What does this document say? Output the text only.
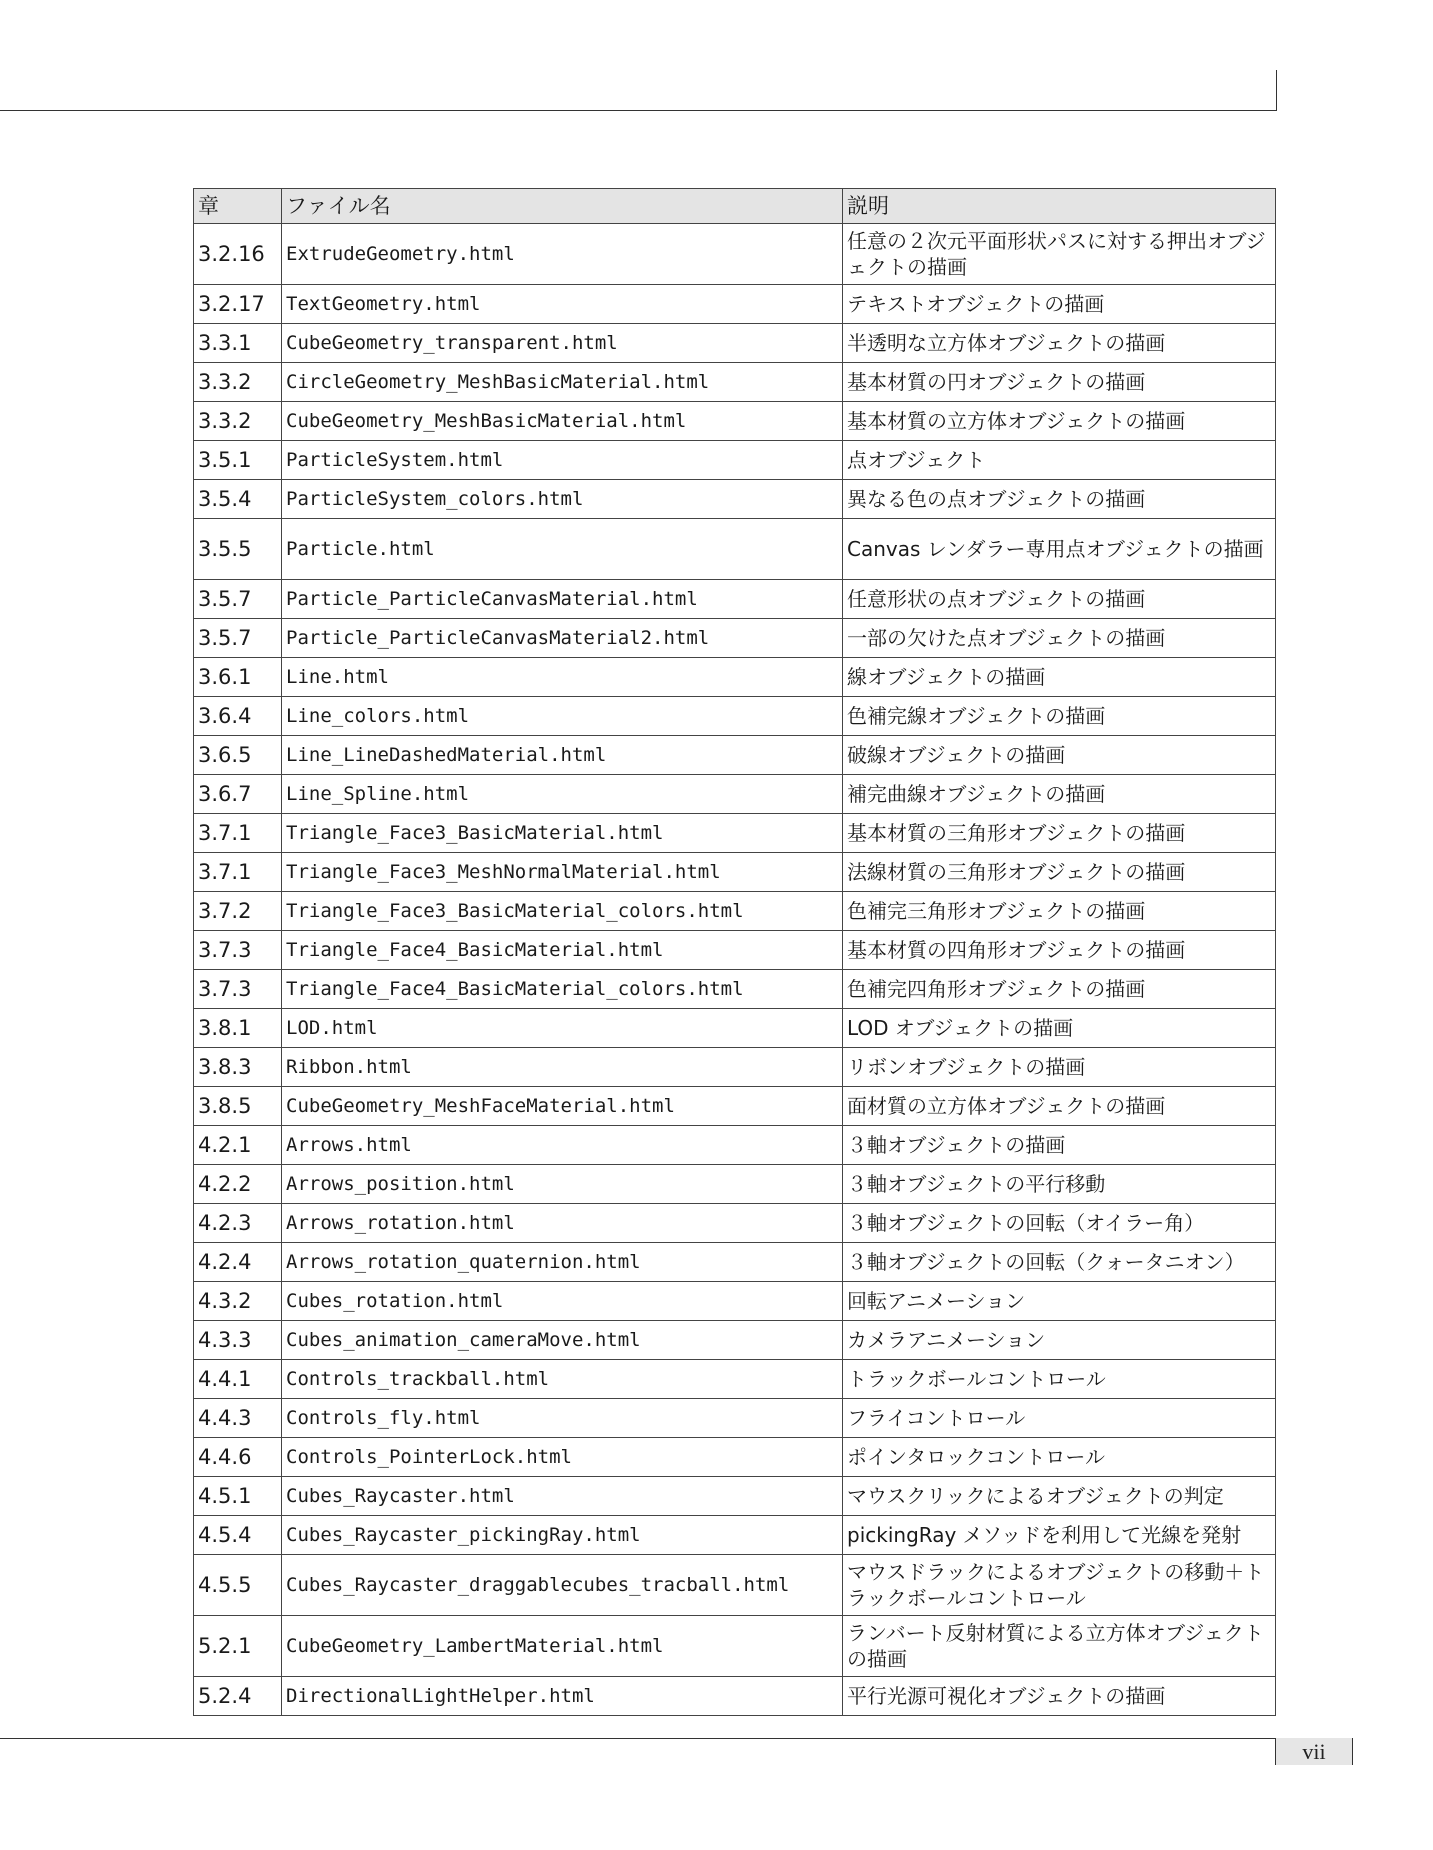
章	ファイル名	説明
3.2.16	ExtrudeGeometry.html	任意の２次元平面形状パスに対する押出オブジェクトの描画
3.2.17	TextGeometry.html	テキストオブジェクトの描画
3.3.1	CubeGeometry_transparent.html	半透明な立方体オブジェクトの描画
3.3.2	CircleGeometry_MeshBasicMaterial.html	基本材質の円オブジェクトの描画
3.3.2	CubeGeometry_MeshBasicMaterial.html	基本材質の立方体オブジェクトの描画
3.5.1	ParticleSystem.html	点オブジェクト
3.5.4	ParticleSystem_colors.html	異なる色の点オブジェクトの描画
3.5.5	Particle.html	Canvas レンダラー専用点オブジェクトの描画
3.5.7	Particle_ParticleCanvasMaterial.html	任意形状の点オブジェクトの描画
3.5.7	Particle_ParticleCanvasMaterial2.html	一部の欠けた点オブジェクトの描画
3.6.1	Line.html	線オブジェクトの描画
3.6.4	Line_colors.html	色補完線オブジェクトの描画
3.6.5	Line_LineDashedMaterial.html	破線オブジェクトの描画
3.6.7	Line_Spline.html	補完曲線オブジェクトの描画
3.7.1	Triangle_Face3_BasicMaterial.html	基本材質の三角形オブジェクトの描画
3.7.1	Triangle_Face3_MeshNormalMaterial.html	法線材質の三角形オブジェクトの描画
3.7.2	Triangle_Face3_BasicMaterial_colors.html	色補完三角形オブジェクトの描画
3.7.3	Triangle_Face4_BasicMaterial.html	基本材質の四角形オブジェクトの描画
3.7.3	Triangle_Face4_BasicMaterial_colors.html	色補完四角形オブジェクトの描画
3.8.1	LOD.html	LOD オブジェクトの描画
3.8.3	Ribbon.html	リボンオブジェクトの描画
3.8.5	CubeGeometry_MeshFaceMaterial.html	面材質の立方体オブジェクトの描画
4.2.1	Arrows.html	３軸オブジェクトの描画
4.2.2	Arrows_position.html	３軸オブジェクトの平行移動
4.2.3	Arrows_rotation.html	３軸オブジェクトの回転（オイラー角）
4.2.4	Arrows_rotation_quaternion.html	３軸オブジェクトの回転（クォータニオン）
4.3.2	Cubes_rotation.html	回転アニメーション
4.3.3	Cubes_animation_cameraMove.html	カメラアニメーション
4.4.1	Controls_trackball.html	トラックボールコントロール
4.4.3	Controls_fly.html	フライコントロール
4.4.6	Controls_PointerLock.html	ポインタロックコントロール
4.5.1	Cubes_Raycaster.html	マウスクリックによるオブジェクトの判定
4.5.4	Cubes_Raycaster_pickingRay.html	pickingRay メソッドを利用して光線を発射
4.5.5	Cubes_Raycaster_draggablecubes_tracball.html	マウスドラックによるオブジェクトの移動＋トラックボールコントロール
5.2.1	CubeGeometry_LambertMaterial.html	ランバート反射材質による立方体オブジェクトの描画
5.2.4	DirectionalLightHelper.html	平行光源可視化オブジェクトの描画
vii
